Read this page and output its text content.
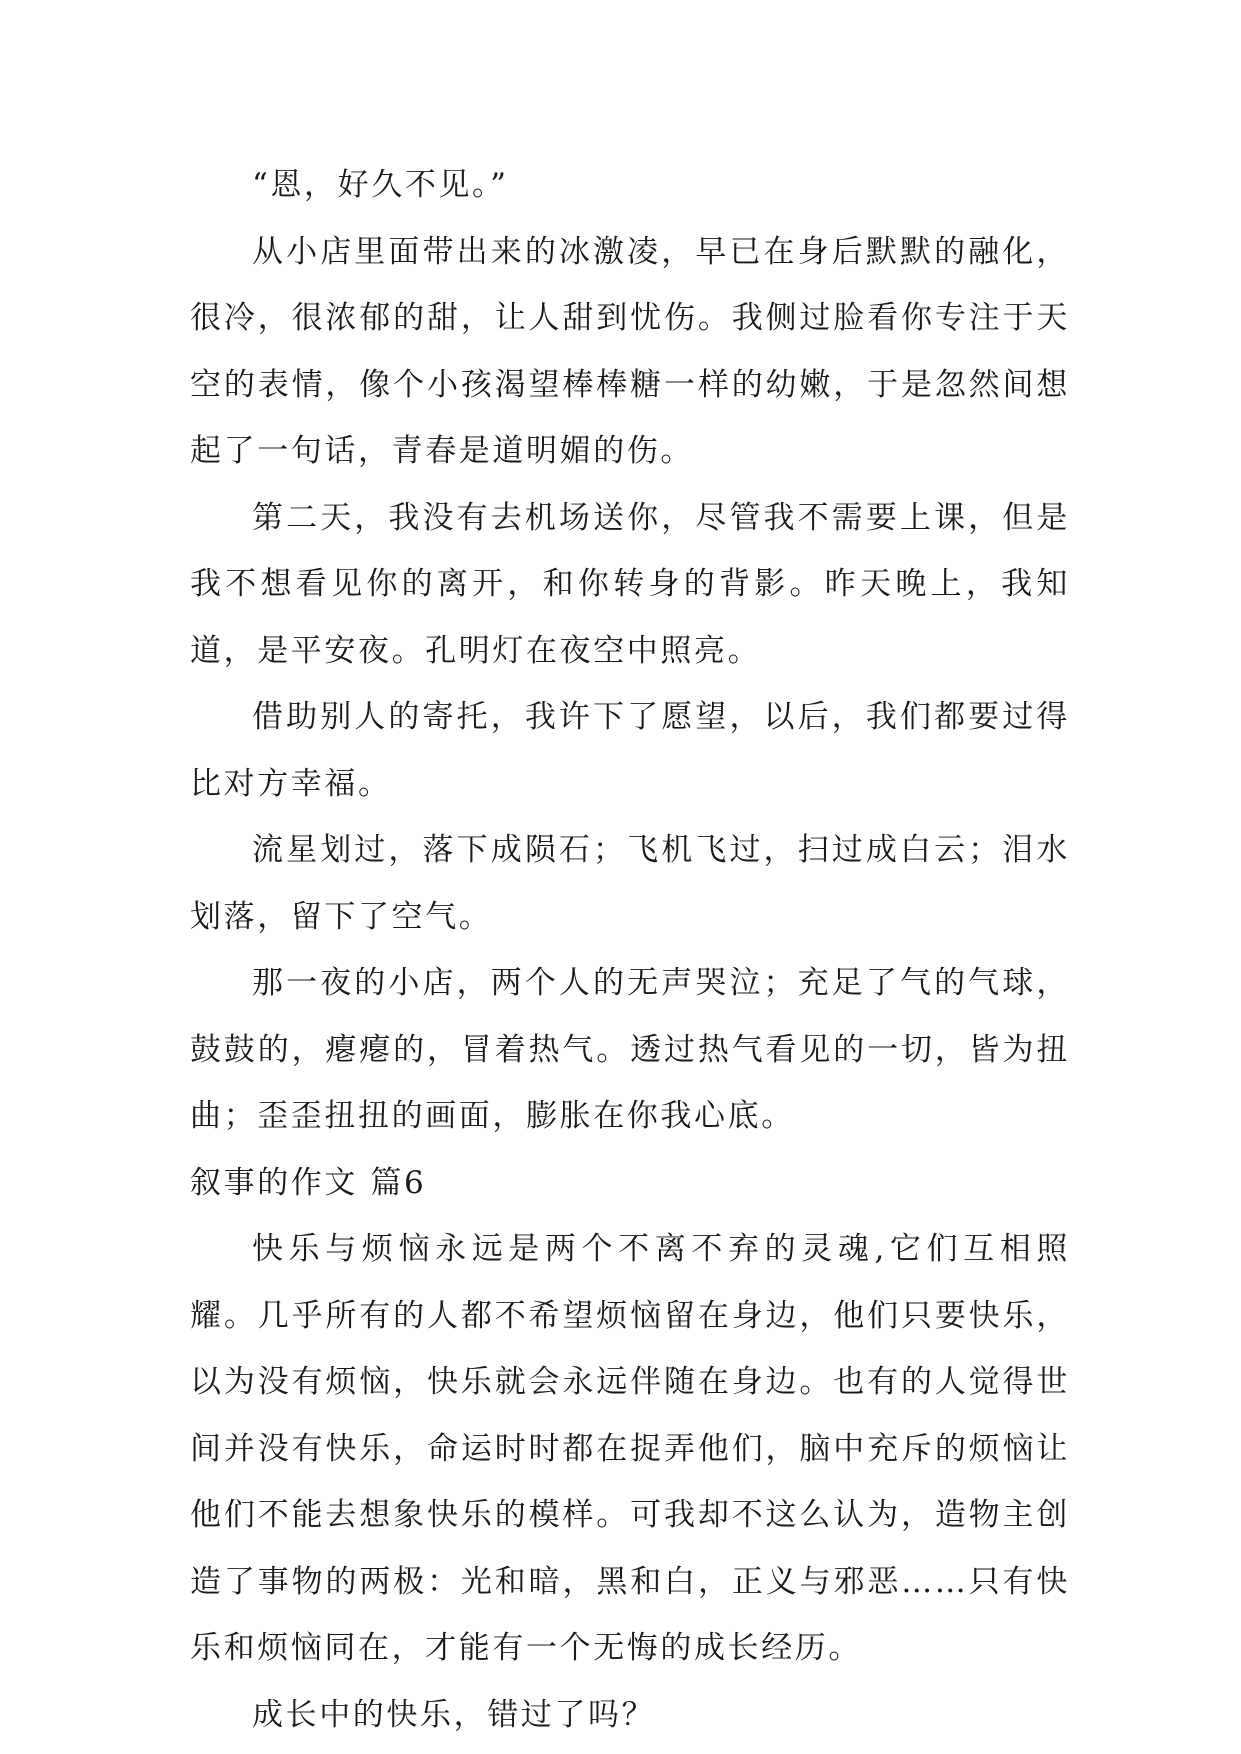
“恩，好久不见。”

从小店里面带出来的冰激凌，早已在身后默默的融化，很冷，很浓郁的甜，让人甜到忧伤。我侧过脸看你专注于天空的表情，像个小孩渴望棒棒糖一样的幼嫩，于是忽然间想起了一句话，青春是道明媚的伤。

第二天，我没有去机场送你，尽管我不需要上课，但是我不想看见你的离开，和你转身的背影。昨天晚上，我知道，是平安夜。孔明灯在夜空中照亮。

借助别人的寄托，我许下了愿望，以后，我们都要过得比对方幸福。

流星划过，落下成陨石；飞机飞过，扫过成白云；泪水划落，留下了空气。

那一夜的小店，两个人的无声哭泣；充足了气的气球，鼓鼓的，瘪瘪的，冒着热气。透过热气看见的一切，皆为扭曲；歪歪扭扭的画面，膨胀在你我心底。

叙事的作文 篇6

快乐与烦恼永远是两个不离不弃的灵魂,它们互相照耀。几乎所有的人都不希望烦恼留在身边，他们只要快乐，以为没有烦恼，快乐就会永远伴随在身边。也有的人觉得世间并没有快乐，命运时时都在捉弄他们，脑中充斥的烦恼让他们不能去想象快乐的模样。可我却不这么认为，造物主创造了事物的两极：光和暗，黑和白，正义与邪恶……只有快乐和烦恼同在，才能有一个无悔的成长经历。

成长中的快乐，错过了吗？
